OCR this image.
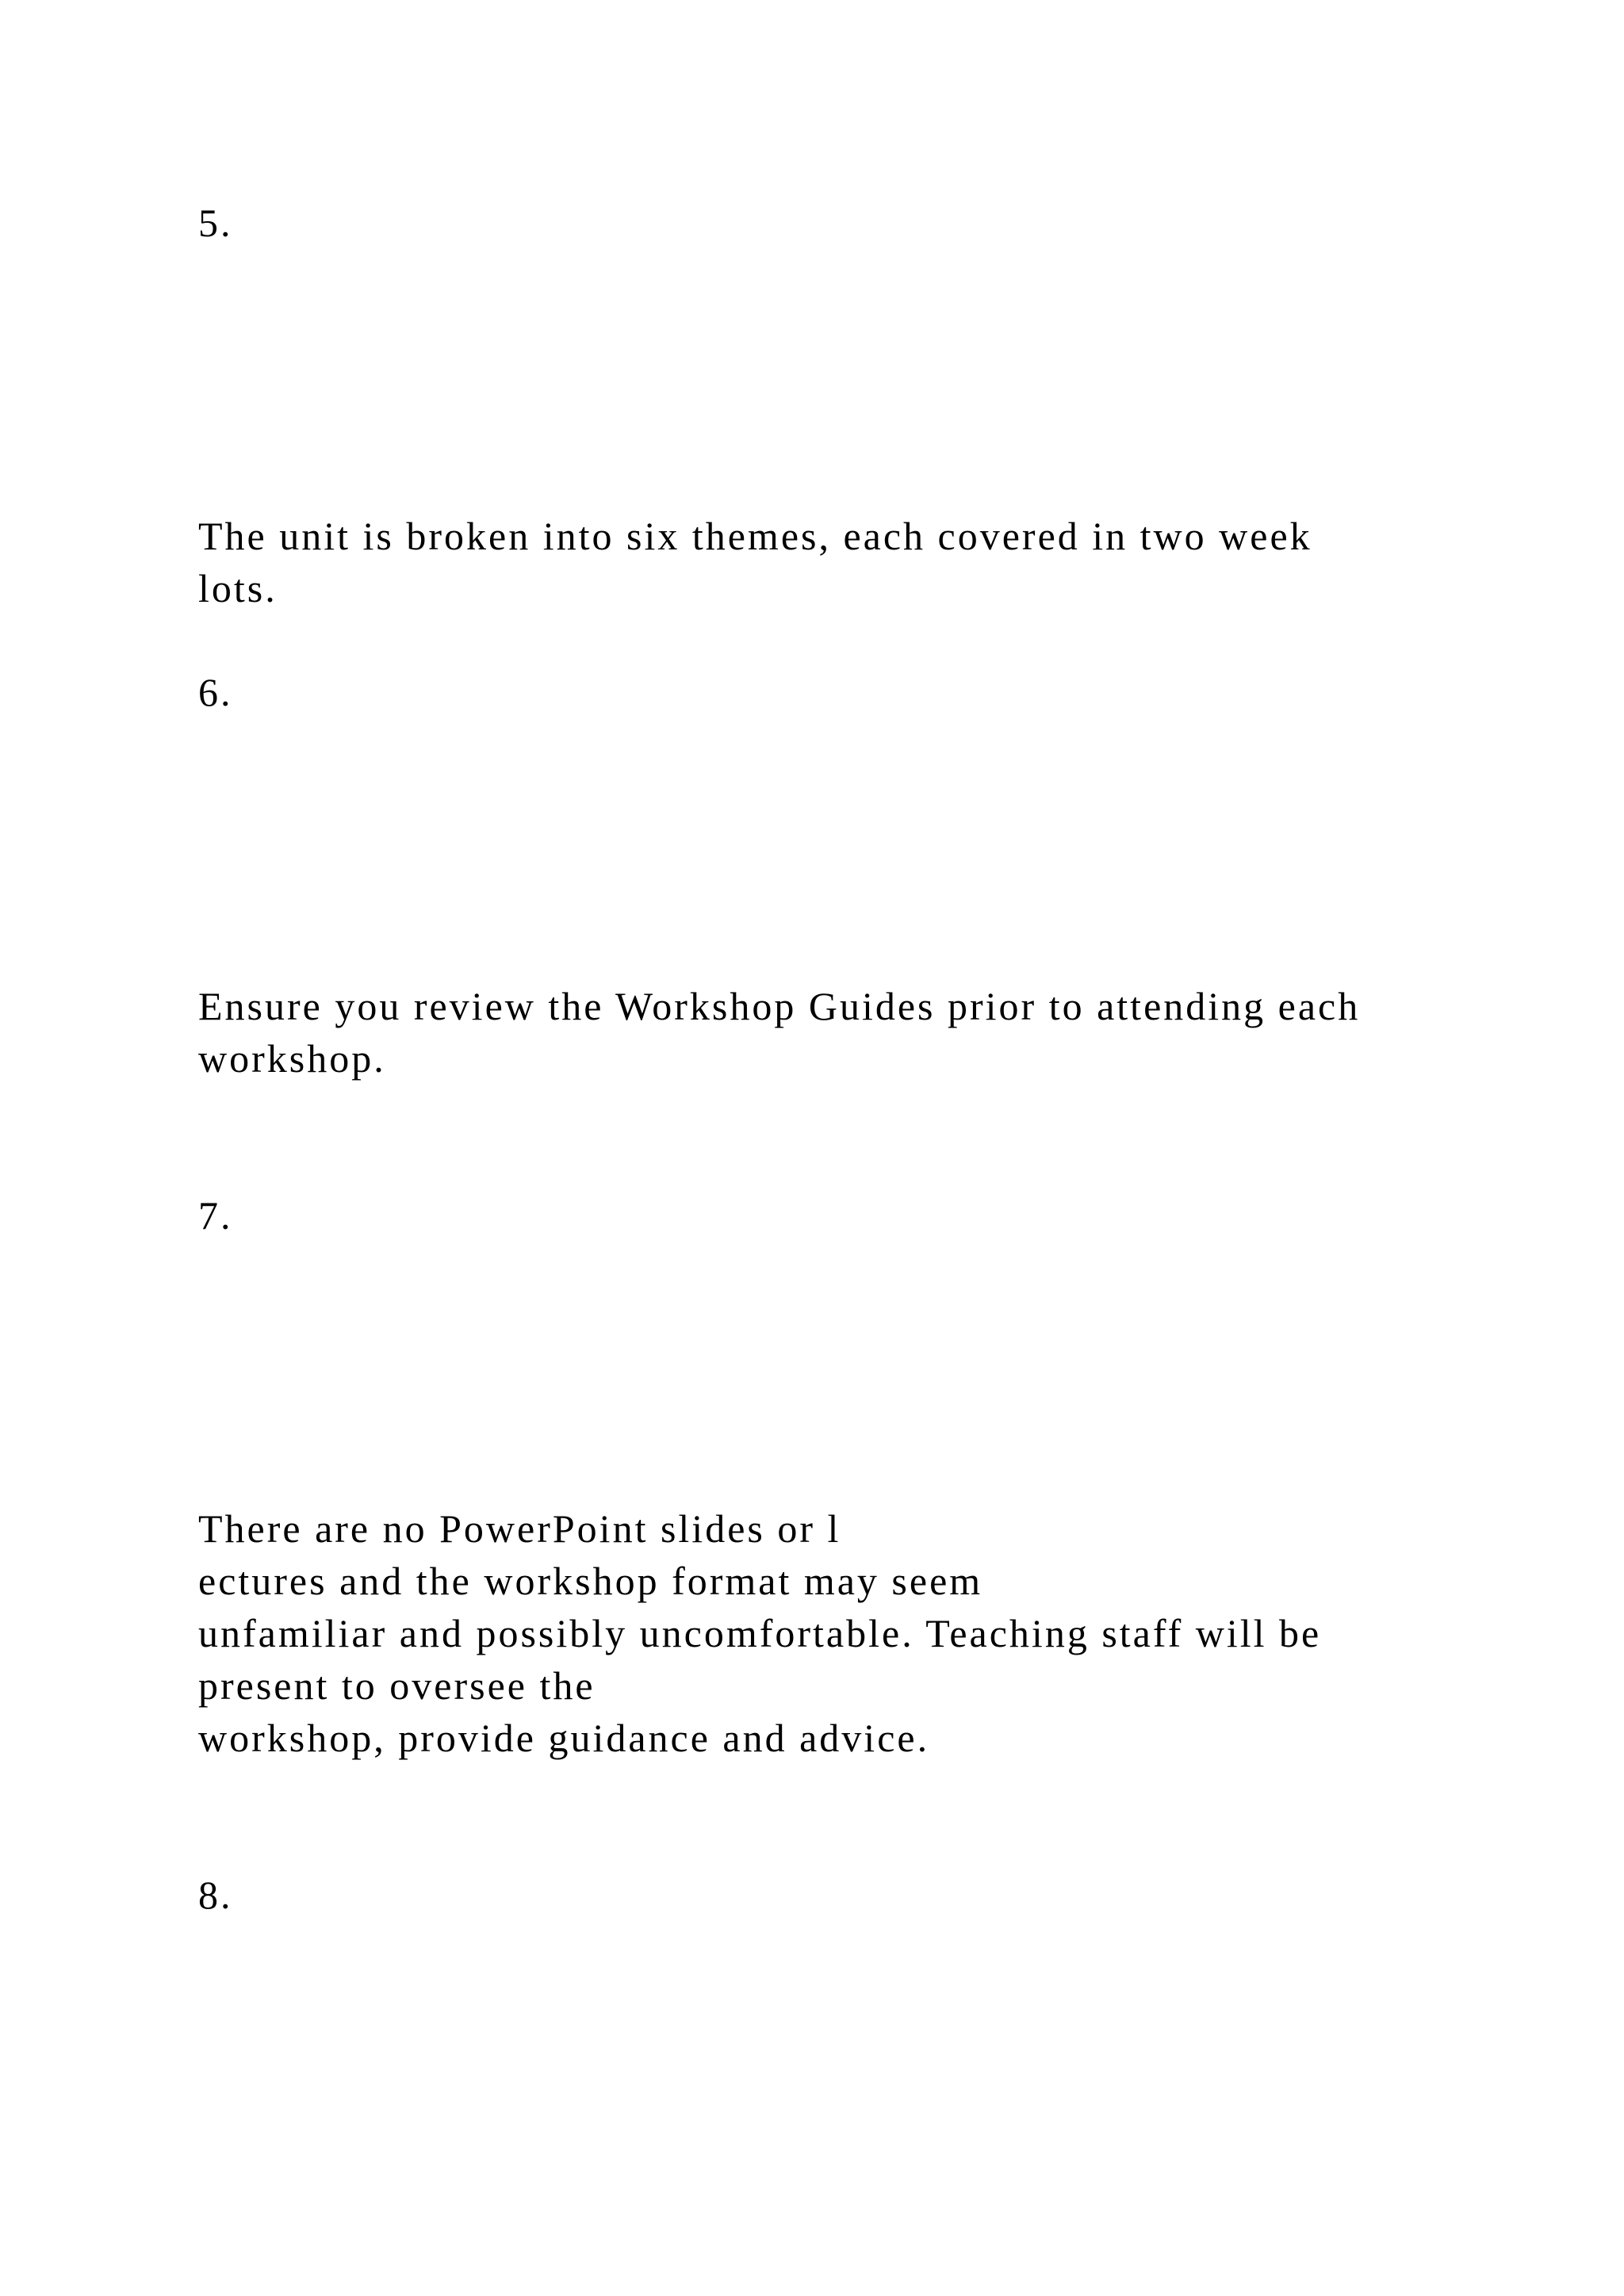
5.
The unit is broken into six themes, each covered in two week
lots.
6.
Ensure you review the Workshop Guides prior to attending each
workshop.
7.
There are no PowerPoint slides or l
ectures and the workshop format may seem
unfamiliar and possibly uncomfortable. Teaching staff will be
present to oversee the
workshop, provide guidance and advice.
8.
